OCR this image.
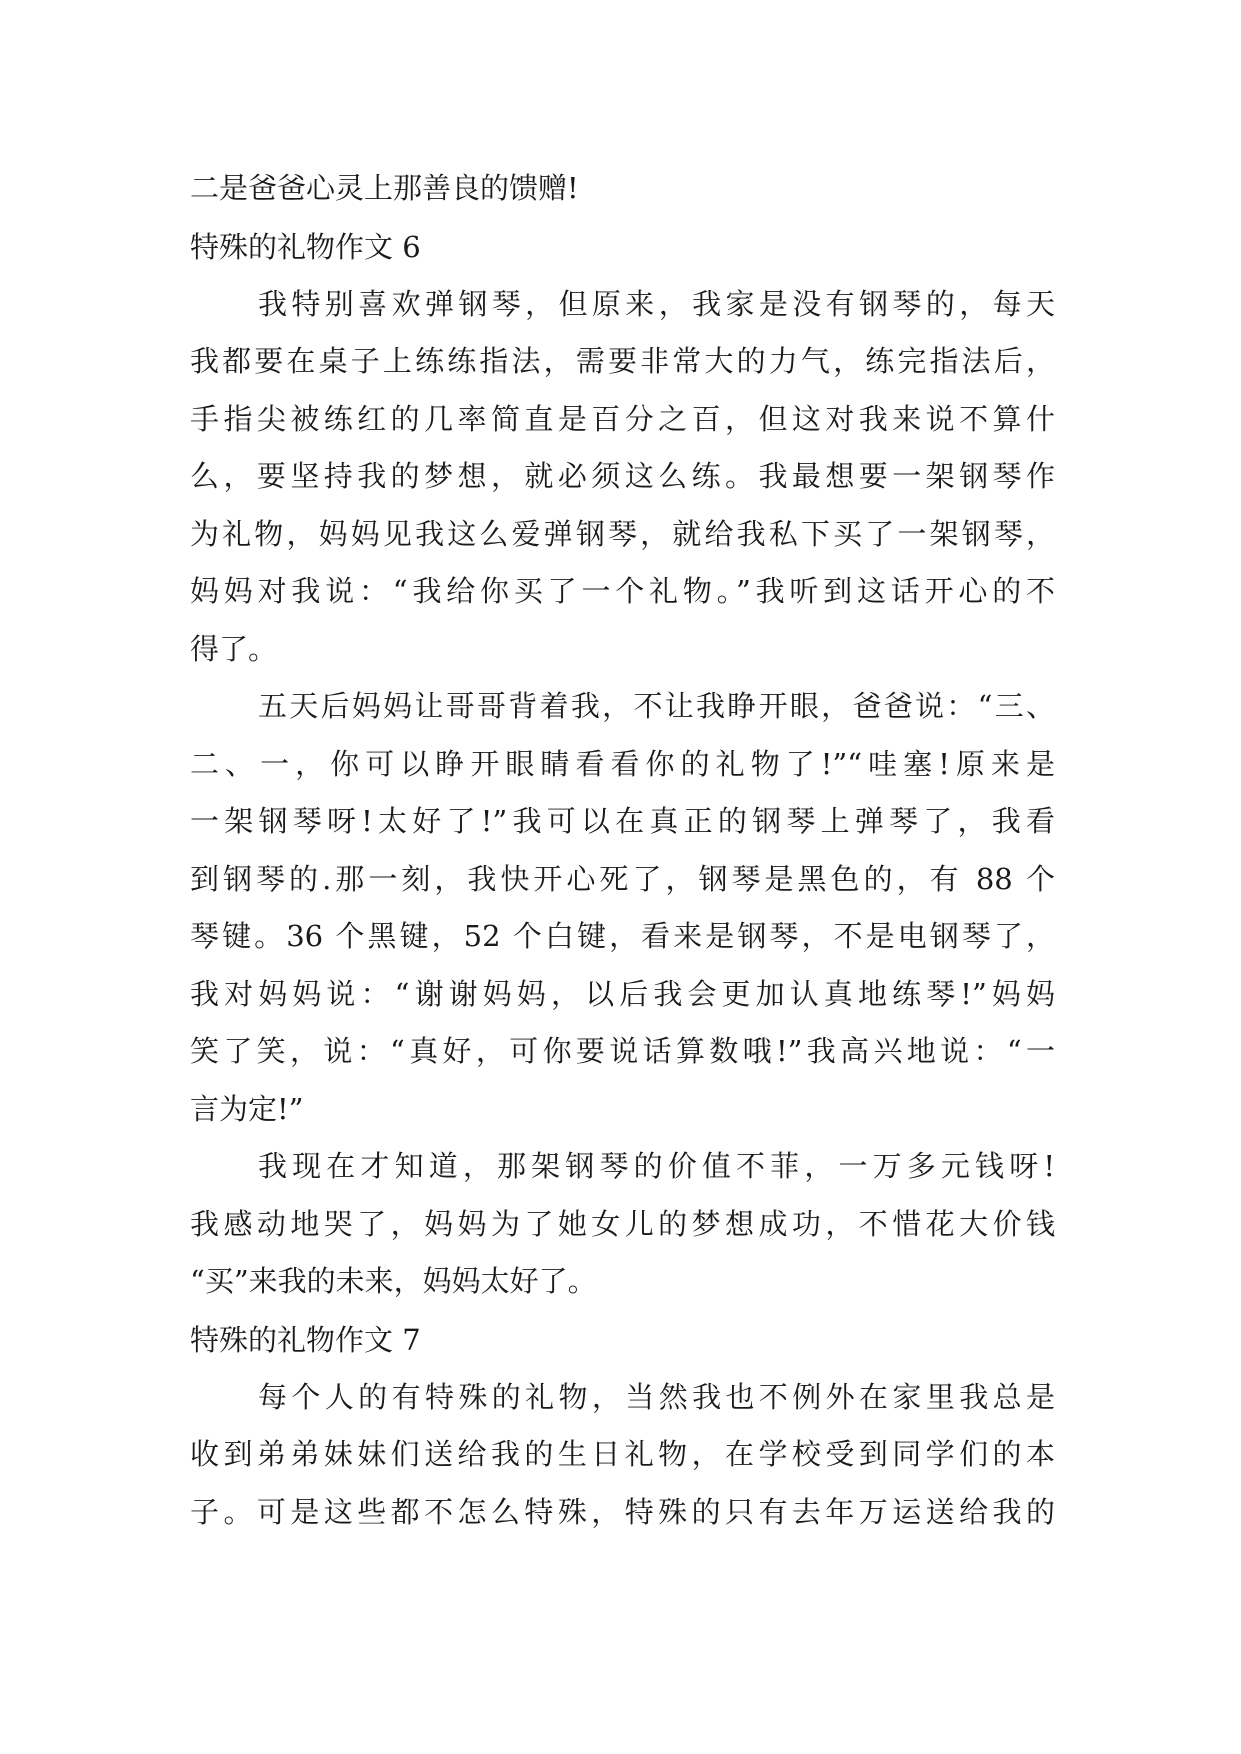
二是爸爸心灵上那善良的馈赠!
特殊的礼物作文 6
我特别喜欢弹钢琴，但原来，我家是没有钢琴的，每天
我都要在桌子上练练指法，需要非常大的力气，练完指法后，
手指尖被练红的几率简直是百分之百，但这对我来说不算什
么，要坚持我的梦想，就必须这么练。我最想要一架钢琴作
为礼物，妈妈见我这么爱弹钢琴，就给我私下买了一架钢琴，
妈妈对我说：“我给你买了一个礼物。”我听到这话开心的不
得了。
五天后妈妈让哥哥背着我，不让我睁开眼，爸爸说：“三、
二、一，你可以睁开眼睛看看你的礼物了!”“哇塞!原来是
一架钢琴呀!太好了!”我可以在真正的钢琴上弹琴了，我看
到钢琴的.那一刻，我快开心死了，钢琴是黑色的，有 88 个
琴键。36 个黑键，52 个白键，看来是钢琴，不是电钢琴了，
我对妈妈说：“谢谢妈妈，以后我会更加认真地练琴!”妈妈
笑了笑，说：“真好，可你要说话算数哦!”我高兴地说：“一
言为定!”
我现在才知道，那架钢琴的价值不菲，一万多元钱呀!
我感动地哭了，妈妈为了她女儿的梦想成功，不惜花大价钱
“买”来我的未来，妈妈太好了。
特殊的礼物作文 7
每个人的有特殊的礼物，当然我也不例外在家里我总是
收到弟弟妹妹们送给我的生日礼物，在学校受到同学们的本
子。可是这些都不怎么特殊，特殊的只有去年万运送给我的
